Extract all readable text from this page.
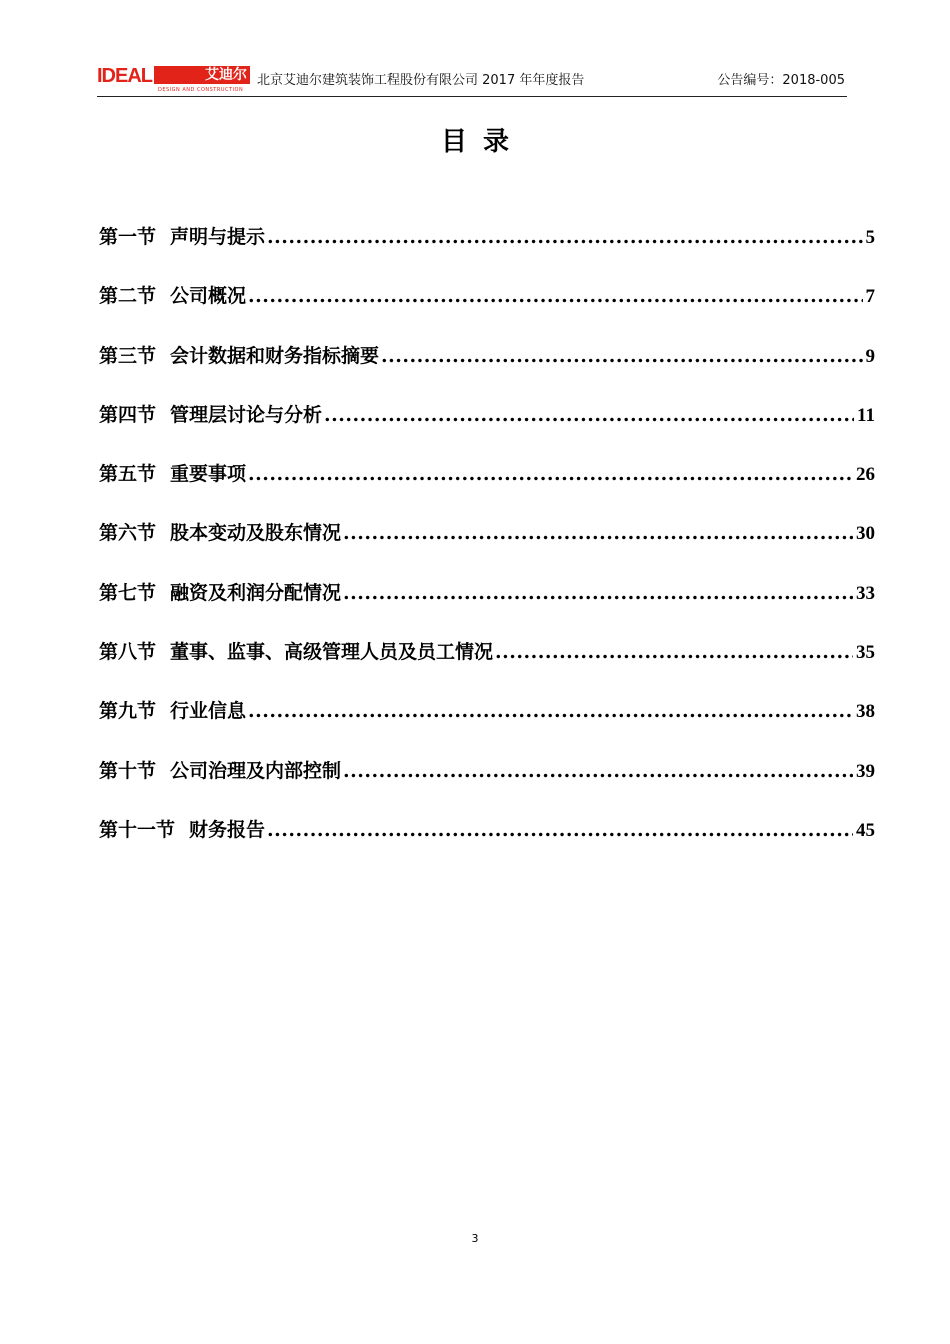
IDEAL	艾迪尔
DESIGN AND CONSTRUCTION
北京艾迪尔建筑装饰工程股份有限公司 2017 年年度报告	公告编号：2018-005
目录
第一节 声明与提示 .....	5
第二节 公司概况 .....	7
第三节 会计数据和财务指标摘要 .....	9
第四节 管理层讨论与分析 .....	11
第五节 重要事项 .....	26
第六节 股本变动及股东情况 .....	30
第七节 融资及利润分配情况 .....	33
第八节 董事、监事、高级管理人员及员工情况 .....	35
第九节 行业信息 .....	38
第十节 公司治理及内部控制 .....	39
第十一节 财务报告 .....	45
3
